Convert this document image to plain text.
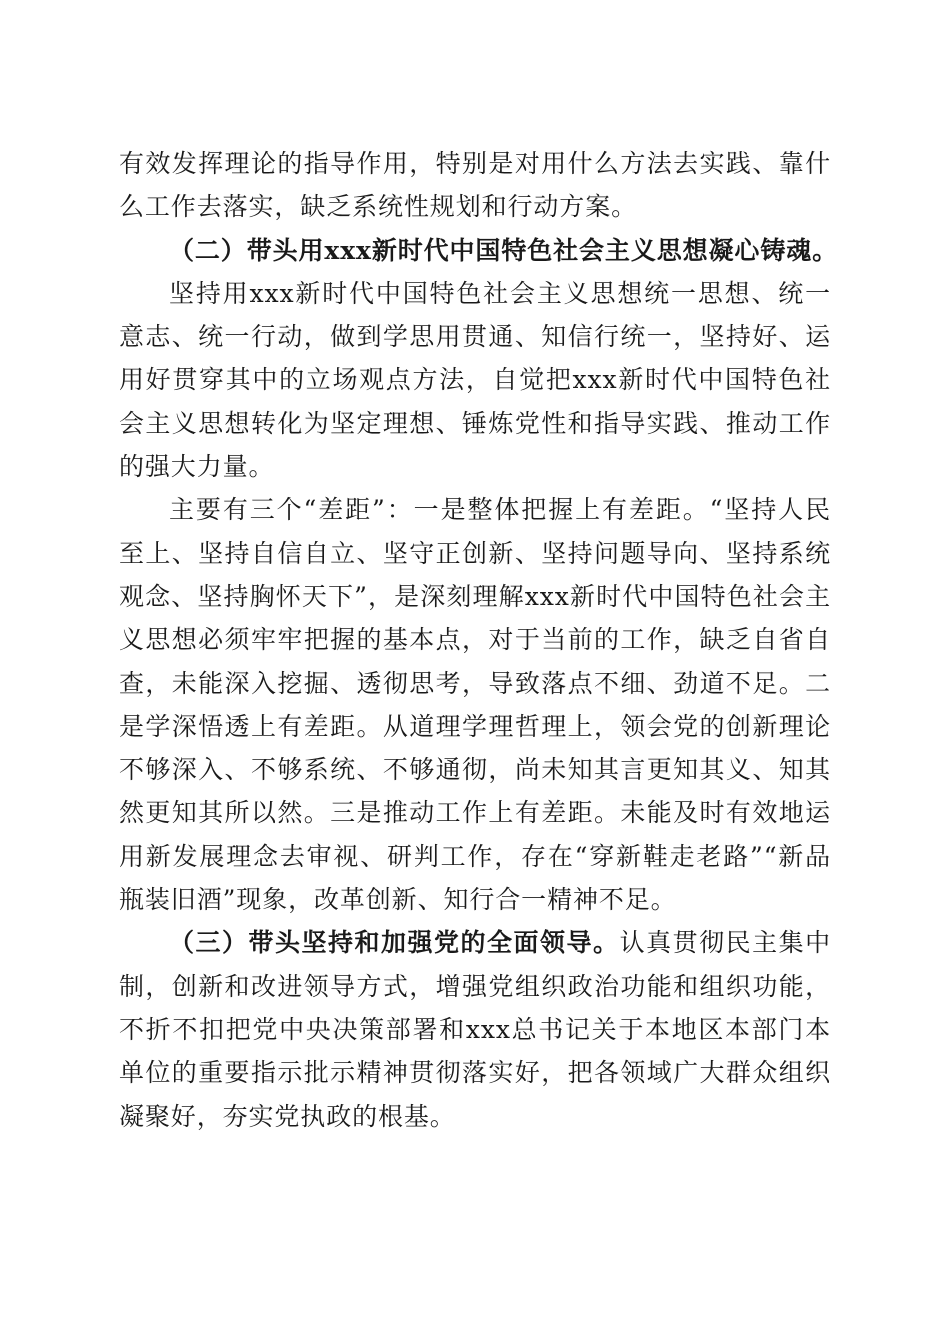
有效发挥理论的指导作用，特别是对用什么方法去实践、靠什么工作去落实，缺乏系统性规划和行动方案。

（二）带头用xxx新时代中国特色社会主义思想凝心铸魂。

坚持用xxx新时代中国特色社会主义思想统一思想、统一意志、统一行动，做到学思用贯通、知信行统一，坚持好、运用好贯穿其中的立场观点方法，自觉把xxx新时代中国特色社会主义思想转化为坚定理想、锤炼党性和指导实践、推动工作的强大力量。

主要有三个“差距”：一是整体把握上有差距。“坚持人民至上、坚持自信自立、坚守正创新、坚持问题导向、坚持系统观念、坚持胸怀天下”，是深刻理解xxx新时代中国特色社会主义思想必须牢牢把握的基本点，对于当前的工作，缺乏自省自查，未能深入挖掘、透彻思考，导致落点不细、劲道不足。二是学深悟透上有差距。从道理学理哲理上，领会党的创新理论不够深入、不够系统、不够通彻，尚未知其言更知其义、知其然更知其所以然。三是推动工作上有差距。未能及时有效地运用新发展理念去审视、研判工作，存在“穿新鞋走老路”“新品瓶装旧酒”现象，改革创新、知行合一精神不足。

（三）带头坚持和加强党的全面领导。认真贯彻民主集中制，创新和改进领导方式，增强党组织政治功能和组织功能，不折不扣把党中央决策部署和xxx总书记关于本地区本部门本单位的重要指示批示精神贯彻落实好，把各领域广大群众组织凝聚好，夯实党执政的根基。
